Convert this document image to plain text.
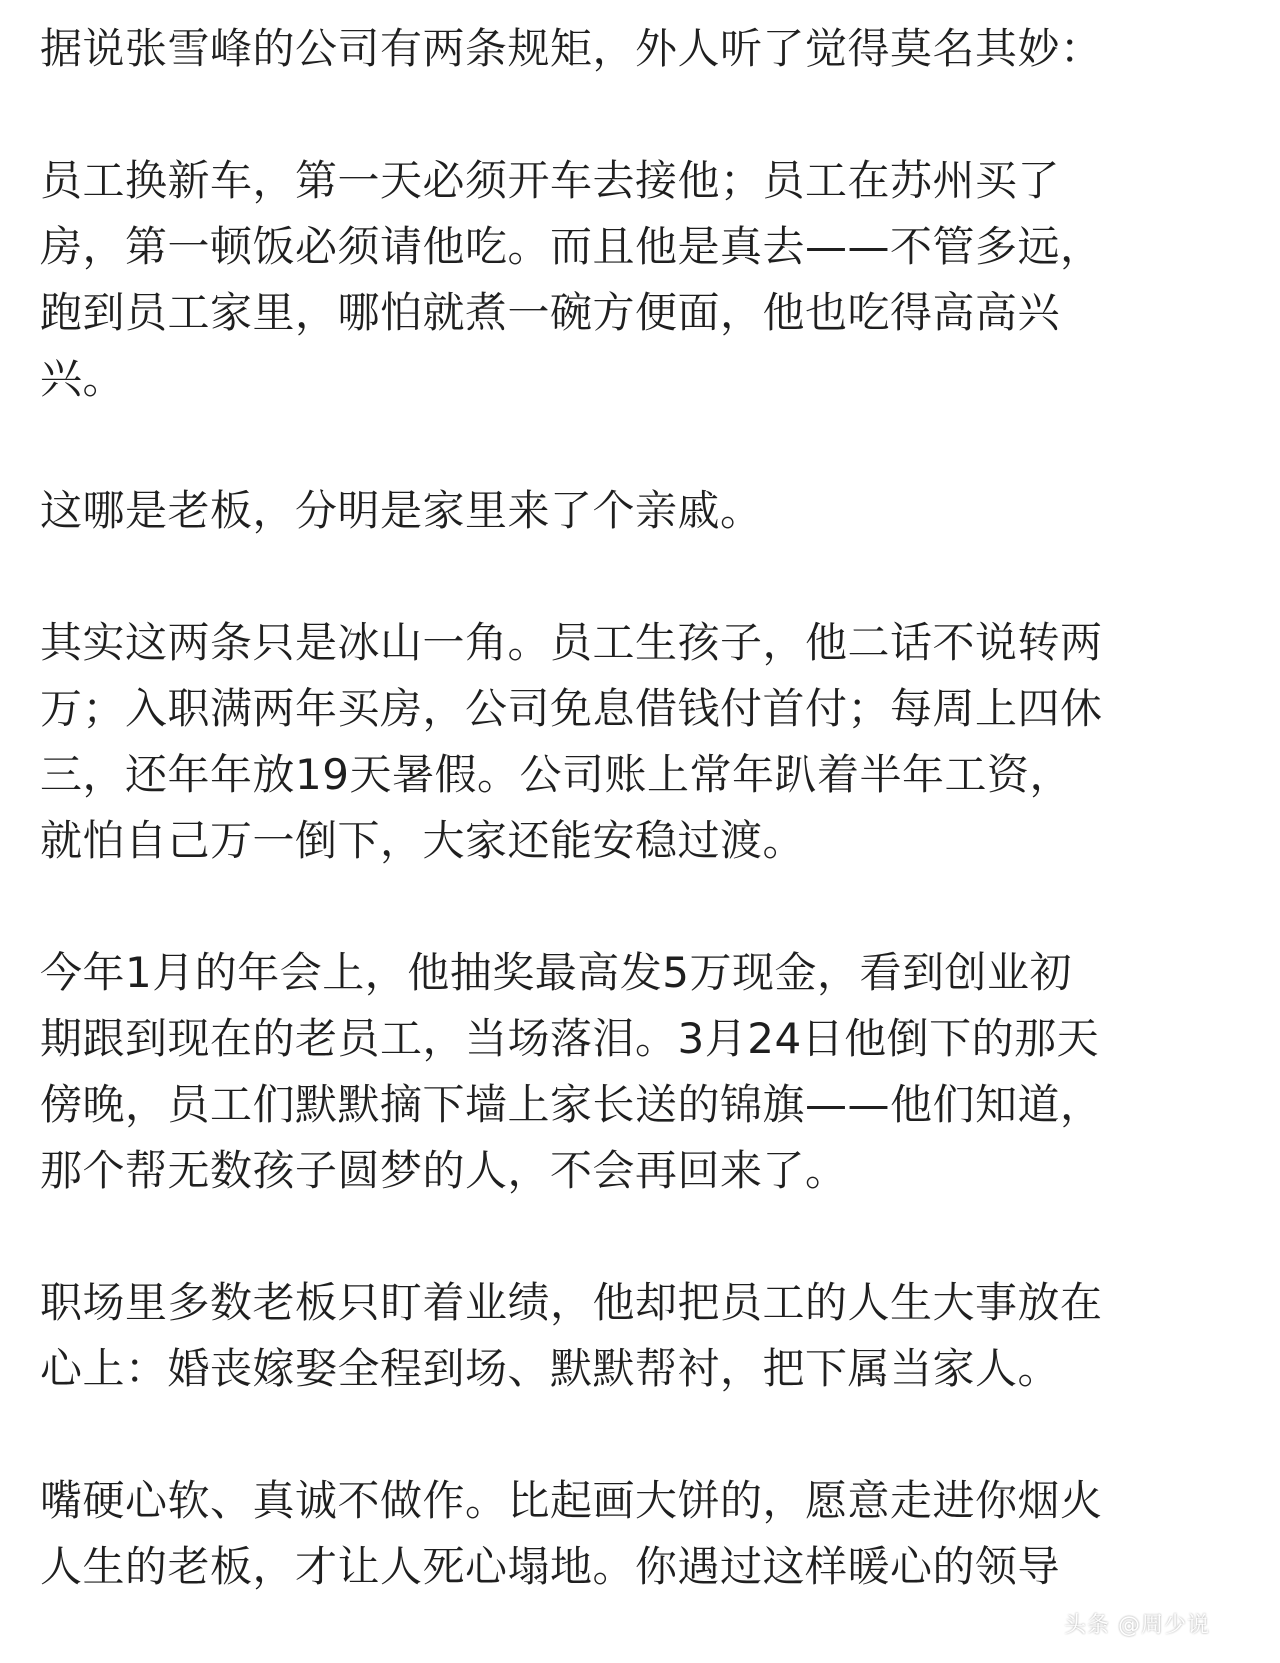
据说张雪峰的公司有两条规矩，外人听了觉得莫名其妙：
员工换新车，第一天必须开车去接他；员工在苏州买了
房，第一顿饭必须请他吃。而且他是真去——不管多远，
跑到员工家里，哪怕就煮一碗方便面，他也吃得高高兴
兴。
这哪是老板，分明是家里来了个亲戚。
其实这两条只是冰山一角。员工生孩子，他二话不说转两
万；入职满两年买房，公司免息借钱付首付；每周上四休
三，还年年放19天暑假。公司账上常年趴着半年工资，
就怕自己万一倒下，大家还能安稳过渡。
今年1月的年会上，他抽奖最高发5万现金，看到创业初
期跟到现在的老员工，当场落泪。3月24日他倒下的那天
傍晚，员工们默默摘下墙上家长送的锦旗——他们知道，
那个帮无数孩子圆梦的人，不会再回来了。
职场里多数老板只盯着业绩，他却把员工的人生大事放在
心上：婚丧嫁娶全程到场、默默帮衬，把下属当家人。
嘴硬心软、真诚不做作。比起画大饼的，愿意走进你烟火
人生的老板，才让人死心塌地。你遇过这样暖心的领导
头条 @周少说
